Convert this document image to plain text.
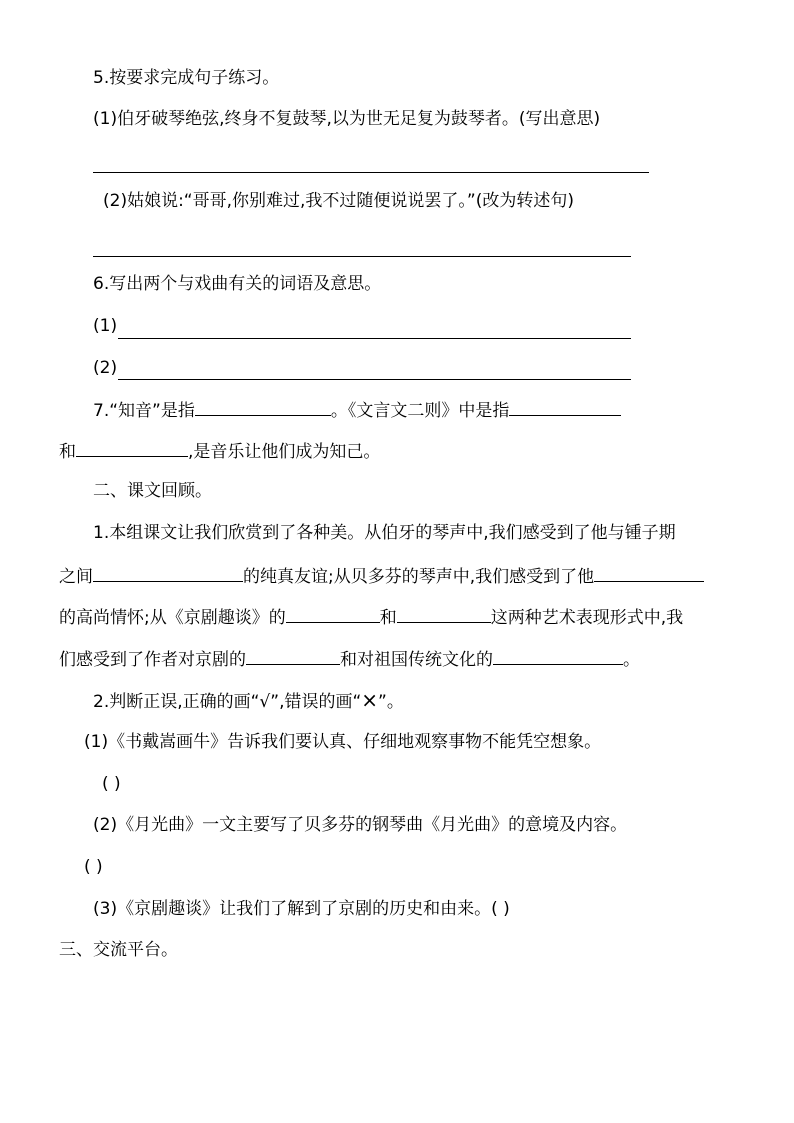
5.按要求完成句子练习。
(1)伯牙破琴绝弦,终身不复鼓琴,以为世无足复为鼓琴者。(写出意思)
(2)姑娘说:“哥哥,你别难过,我不过随便说说罢了。”(改为转述句)
6.写出两个与戏曲有关的词语及意思。
(1)
(2)
7.“知音”是指	。《文言文二则》中是指
和	,是音乐让他们成为知己。
二、课文回顾。
1.本组课文让我们欣赏到了各种美。从伯牙的琴声中,我们感受到了他与锺子期
之间	的纯真友谊;从贝多芬的琴声中,我们感受到了他
的高尚情怀;从《京剧趣谈》的	和	这两种艺术表现形式中,我
们感受到了作者对京剧的	和对祖国传统文化的	。
2.判断正误,正确的画“√”,错误的画“×”。
(1)《书戴嵩画牛》告诉我们要认真、仔细地观察事物不能凭空想象。
( )
(2)《月光曲》一文主要写了贝多芬的钢琴曲《月光曲》的意境及内容。
( )
(3)《京剧趣谈》让我们了解到了京剧的历史和由来。( )
三、交流平台。
